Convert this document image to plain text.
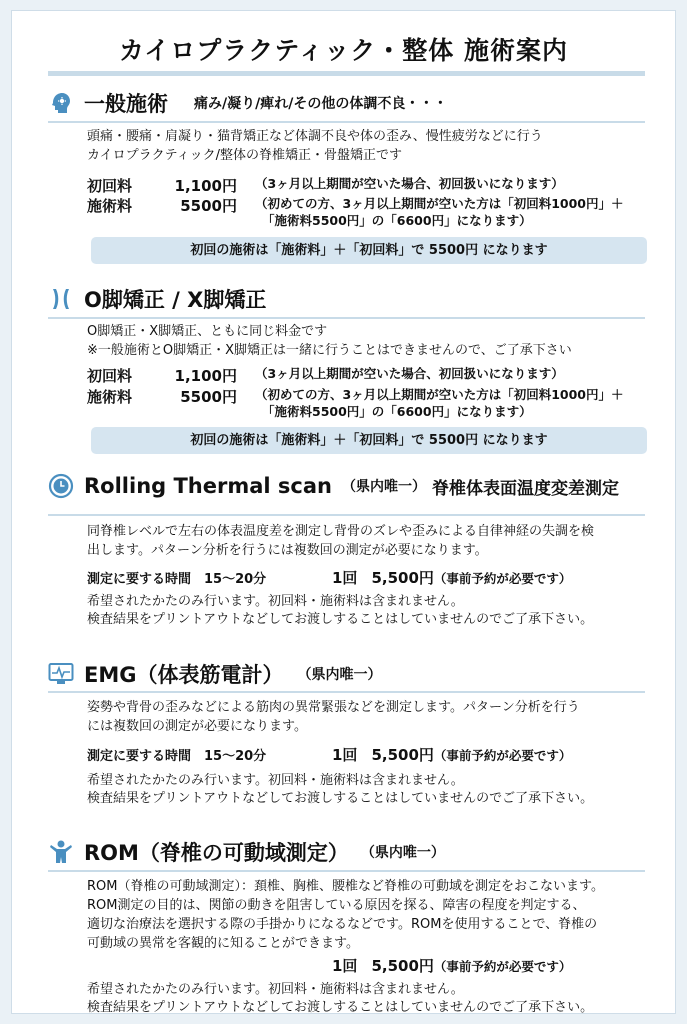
カイロプラクティック・整体 施術案内
一般施術 痛み/凝り/痺れ/その他の体調不良・・・
頭痛・腰痛・肩凝り・猫背矯正など体調不良や体の歪み、慢性疲労などに行う
カイロプラクティック/整体の脊椎矯正・骨盤矯正です
初回料	1,100円 （3ヶ月以上期間が空いた場合、初回扱いになります）
施術料	5500円 （初めての方、3ヶ月以上期間が空いた方は「初回料1000円」＋
「施術料5500円」の「6600円」になります）
初回の施術は「施術料」＋「初回料」で 5500円 になります
O脚矯正 / X脚矯正
O脚矯正・X脚矯正、ともに同じ料金です
※一般施術とO脚矯正・X脚矯正は一緒に行うことはできませんので、ご了承下さい
初回料	1,100円 （3ヶ月以上期間が空いた場合、初回扱いになります）
施術料	5500円 （初めての方、3ヶ月以上期間が空いた方は「初回料1000円」＋
「施術料5500円」の「6600円」になります）
初回の施術は「施術料」＋「初回料」で 5500円 になります
Rolling Thermal scan （県内唯一） 脊椎体表面温度変差測定
同脊椎レベルで左右の体表温度差を測定し背骨のズレや歪みによる自律神経の失調を検
出します。パターン分析を行うには複数回の測定が必要になります。
測定に要する時間　15〜20分	1回 5,500円 （事前予約が必要です）
希望されたかたのみ行います。初回料・施術料は含まれません。
検査結果をプリントアウトなどしてお渡しすることはしていませんのでご了承下さい。
EMG（体表筋電計） （県内唯一）
姿勢や背骨の歪みなどによる筋肉の異常緊張などを測定します。パターン分析を行う
には複数回の測定が必要になります。
測定に要する時間　15〜20分	1回 5,500円 （事前予約が必要です）
希望されたかたのみ行います。初回料・施術料は含まれません。
検査結果をプリントアウトなどしてお渡しすることはしていませんのでご了承下さい。
ROM（脊椎の可動域測定） （県内唯一）
ROM（脊椎の可動域測定）：頚椎、胸椎、腰椎など脊椎の可動域を測定をおこないます。
ROM測定の目的は、関節の動きを阻害している原因を探る、障害の程度を判定する、
適切な治療法を選択する際の手掛かりになるなどです。ROMを使用することで、脊椎の
可動域の異常を客観的に知ることができます。
1回 5,500円 （事前予約が必要です）
希望されたかたのみ行います。初回料・施術料は含まれません。
検査結果をプリントアウトなどしてお渡しすることはしていませんのでご了承下さい。
